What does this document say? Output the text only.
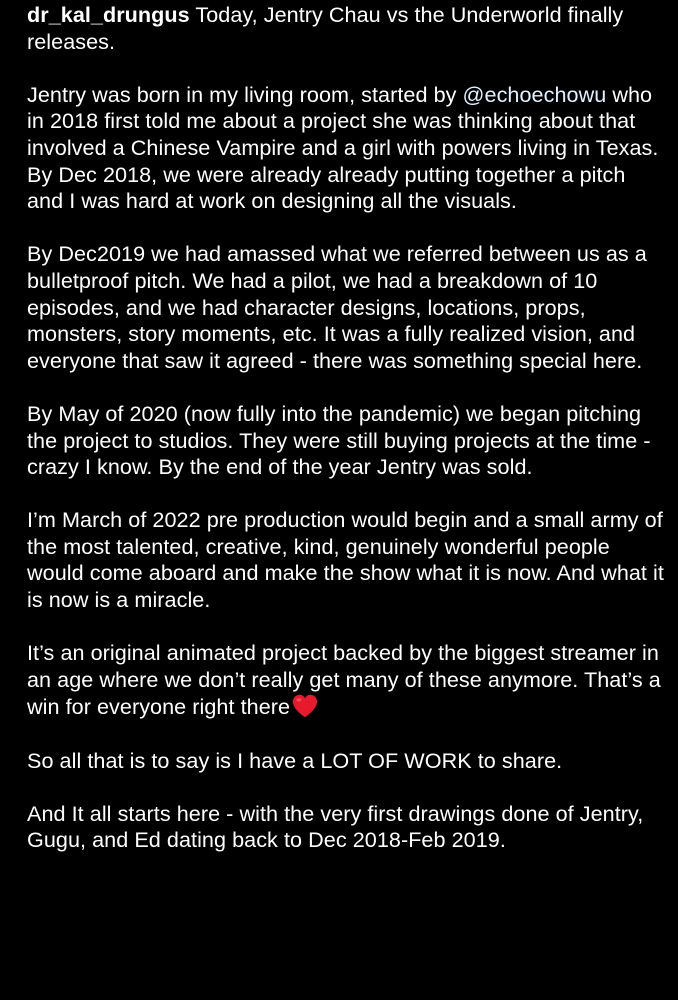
dr_kal_drungus Today, Jentry Chau vs the Underworld finally releases.

Jentry was born in my living room, started by @echoechowu who in 2018 first told me about a project she was thinking about that involved a Chinese Vampire and a girl with powers living in Texas. By Dec 2018, we were already already putting together a pitch and I was hard at work on designing all the visuals.

By Dec2019 we had amassed what we referred between us as a bulletproof pitch. We had a pilot, we had a breakdown of 10 episodes, and we had character designs, locations, props, monsters, story moments, etc. It was a fully realized vision, and everyone that saw it agreed - there was something special here.

By May of 2020 (now fully into the pandemic) we began pitching the project to studios. They were still buying projects at the time - crazy I know. By the end of the year Jentry was sold.

I’m March of 2022 pre production would begin and a small army of the most talented, creative, kind, genuinely wonderful people would come aboard and make the show what it is now. And what it is now is a miracle.

It’s an original animated project backed by the biggest streamer in an age where we don’t really get many of these anymore. That’s a win for everyone right there

So all that is to say is I have a LOT OF WORK to share.

And It all starts here - with the very first drawings done of Jentry, Gugu, and Ed dating back to Dec 2018-Feb 2019.
